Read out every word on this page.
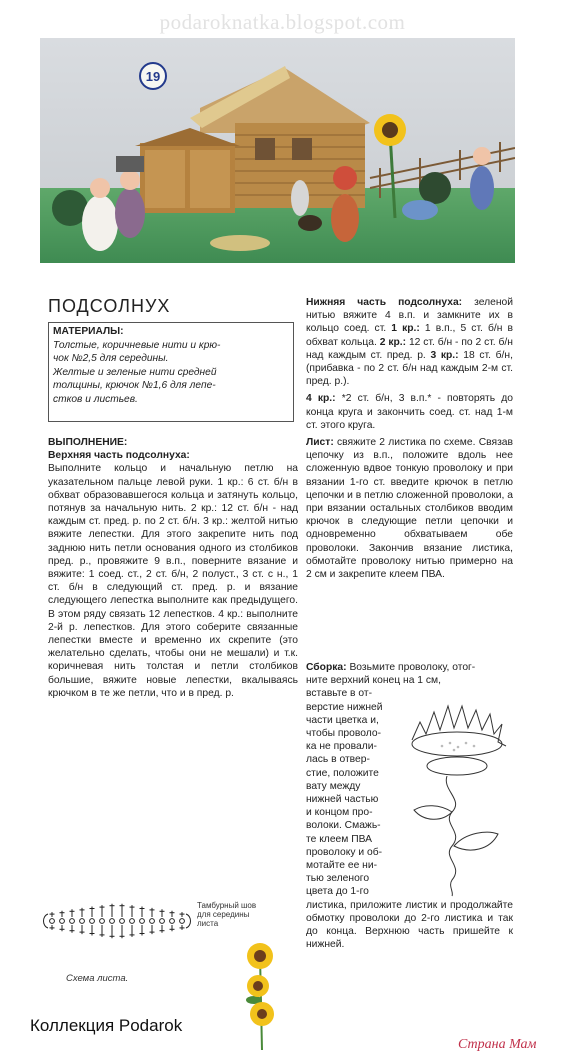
podaroknatka.blogspot.com
19
ПОДСОЛНУХ
МАТЕРИАЛЫ:

Толстые, коричневые нити и крю-

чок №2,5 для середины.

Желтые и зеленые нити средней

толщины, крючок №1,6 для лепе-

стков и листьев.

ВЫПОЛНЕНИЕ:

Верхняя часть подсолнуха:

Выполните кольцо и начальную петлю на указательном пальце левой руки. 1 кр.: 6 ст. б/н в обхват образовавшегося кольца и затянуть кольцо, потянув за начальную нить. 2 кр.: 12 ст. б/н - над каждым ст. пред. р. по 2 ст. б/н. 3 кр.: желтой нитью вяжите лепестки. Для этого закрепите нить под заднюю нить петли основания одного из столбиков пред. р., провяжите 9 в.п., поверните вязание и вяжите: 1 соед. ст., 2 ст. б/н, 2 полуст., 3 ст. с н., 1 ст. б/н в следующий ст. пред. р. и вязание следующего лепестка выполните как предыдущего. В этом ряду связать 12 лепестков. 4 кр.: выполните 2-й р. лепестков. Для этого соберите связанные лепестки вместе и временно их скрепите (это желательно сделать, чтобы они не мешали) и т.к. коричневая нить толстая и петли столбиков большие, вяжите новые лепестки, вкалываясь крючком в те же петли, что и в пред. р.

Нижняя часть подсолнуха: зеленой нитью вяжите 4 в.п. и замкните их в кольцо соед. ст. 1 кр.: 1 в.п., 5 ст. б/н в обхват кольца. 2 кр.: 12 ст. б/н - по 2 ст. б/н над каждым ст. пред. р. 3 кр.: 18 ст. б/н, (прибавка - по 2 ст. б/н над каждым 2-м ст. пред. р.).

4 кр.: *2 ст. б/н, 3 в.п.* - повторять до конца круга и закончить соед. ст. над 1-м ст. этого круга.

Лист: свяжите 2 листика по схеме. Связав цепочку из в.п., положите вдоль нее сложенную вдвое тонкую проволоку и при вязании 1-го ст. введите крючок в петлю цепочки и в петлю сложенной проволоки, а при вязании остальных столбиков вводим крючок в следующие петли цепочки и одновременно обхватываем обе проволоки. Закончив вязание листика, обмотайте проволоку нитью примерно на 2 см и закрепите клеем ПВА.

Сборка: Возьмите проволоку, отог-
ните верхний конец на 1 см,
вставьте в от-
верстие нижней
части цветка и,
чтобы проволо-
ка не провали-
лась в отвер-
стие, положите
вату между
нижней частью
и концом про-
волоки. Смажь-
те клеем ПВА
проволоку и об-
мотайте ее ни-
тью зеленого
цвета до 1-го
листика, приложите листик и продолжайте обмотку проволоки до 2-го листика и так до конца. Верхнюю часть пришейте к нижней.
Тамбурный шов
для середины
листа
Схема листа.
Коллекция Podarok
Страна Мам
